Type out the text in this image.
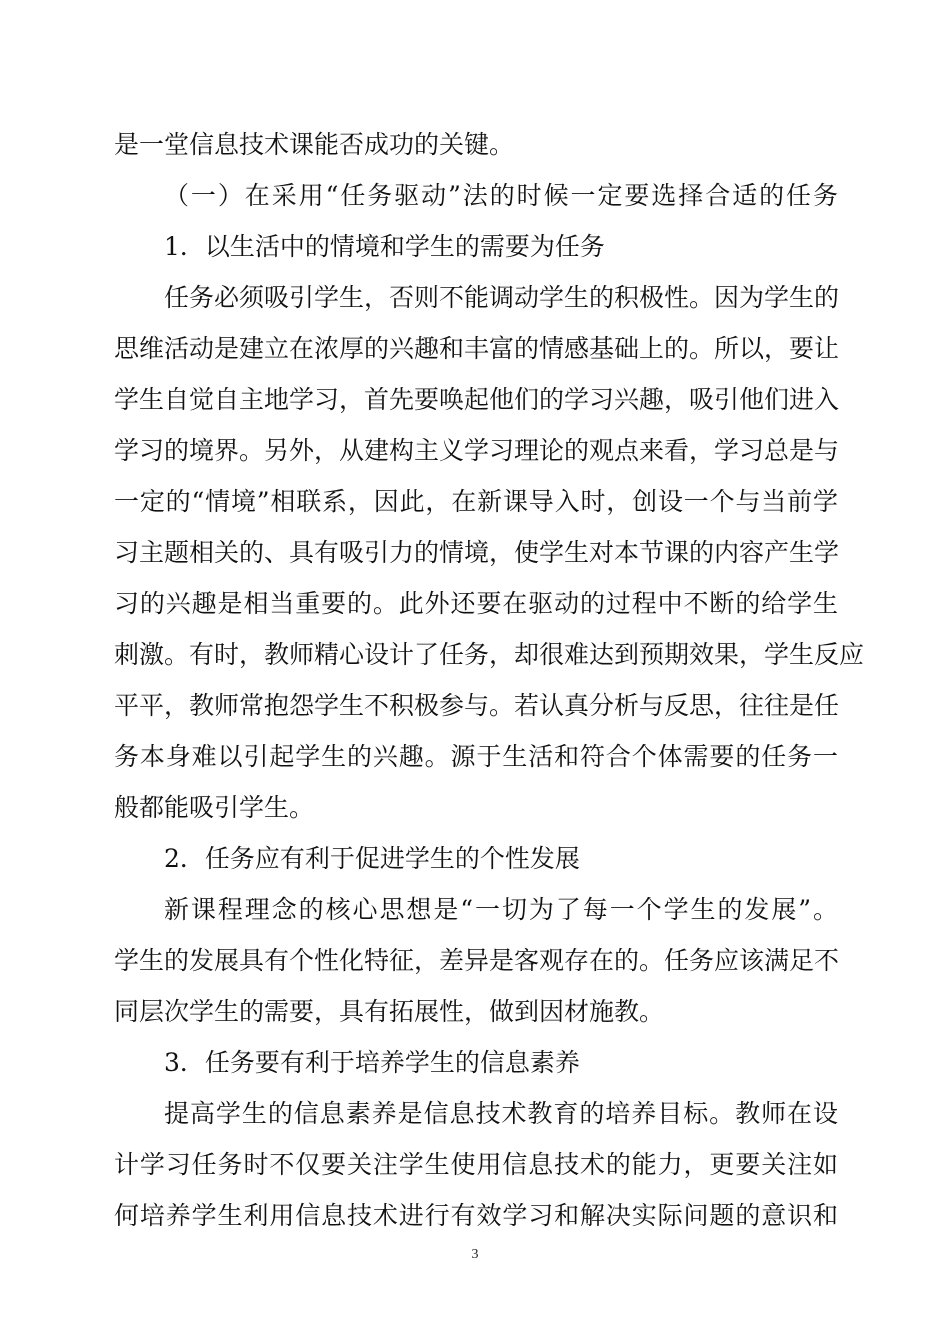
是一堂信息技术课能否成功的关键。
（一）在采用“任务驱动”法的时候一定要选择合适的任务
1．以生活中的情境和学生的需要为任务
任务必须吸引学生，否则不能调动学生的积极性。因为学生的
思维活动是建立在浓厚的兴趣和丰富的情感基础上的。所以，要让
学生自觉自主地学习，首先要唤起他们的学习兴趣，吸引他们进入
学习的境界。另外，从建构主义学习理论的观点来看，学习总是与
一定的“情境”相联系，因此，在新课导入时，创设一个与当前学
习主题相关的、具有吸引力的情境，使学生对本节课的内容产生学
习的兴趣是相当重要的。此外还要在驱动的过程中不断的给学生
刺激。有时，教师精心设计了任务，却很难达到预期效果，学生反应
平平，教师常抱怨学生不积极参与。若认真分析与反思，往往是任
务本身难以引起学生的兴趣。源于生活和符合个体需要的任务一
般都能吸引学生。
2．任务应有利于促进学生的个性发展
新课程理念的核心思想是“一切为了每一个学生的发展”。
学生的发展具有个性化特征，差异是客观存在的。任务应该满足不
同层次学生的需要，具有拓展性，做到因材施教。
3．任务要有利于培养学生的信息素养
提高学生的信息素养是信息技术教育的培养目标。教师在设
计学习任务时不仅要关注学生使用信息技术的能力，更要关注如
何培养学生利用信息技术进行有效学习和解决实际问题的意识和
3
